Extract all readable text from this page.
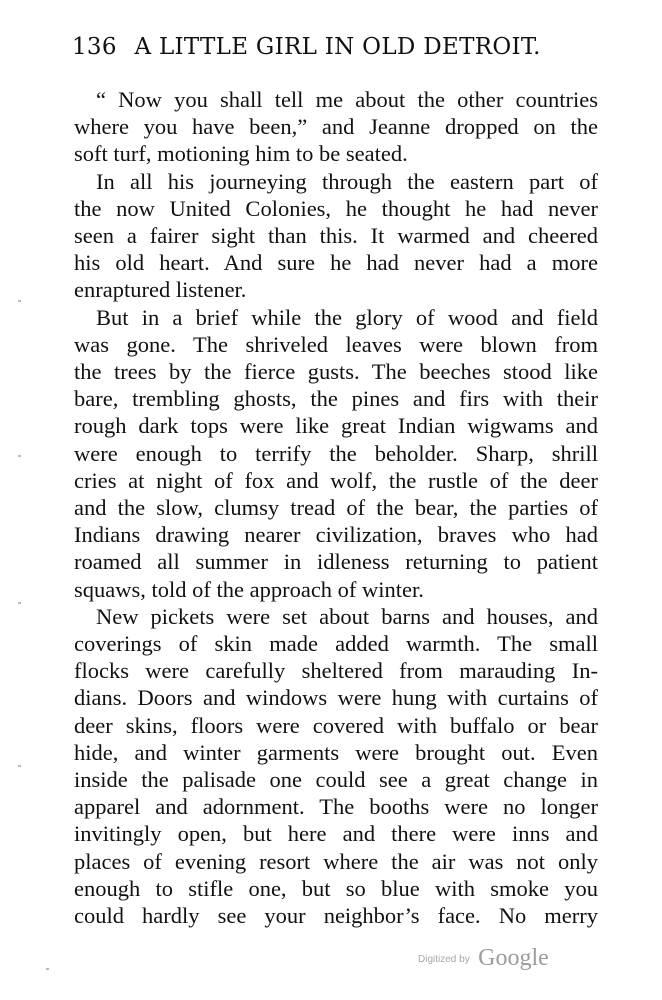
136 A LITTLE GIRL IN OLD DETROIT.
“ Now you shall tell me about the other countries
where you have been,” and Jeanne dropped on the
soft turf, motioning him to be seated.
In all his journeying through the eastern part of
the now United Colonies, he thought he had never
seen a fairer sight than this. It warmed and cheered
his old heart. And sure he had never had a more
enraptured listener.
But in a brief while the glory of wood and field
was gone. The shriveled leaves were blown from
the trees by the fierce gusts. The beeches stood like
bare, trembling ghosts, the pines and firs with their
rough dark tops were like great Indian wigwams and
were enough to terrify the beholder. Sharp, shrill
cries at night of fox and wolf, the rustle of the deer
and the slow, clumsy tread of the bear, the parties of
Indians drawing nearer civilization, braves who had
roamed all summer in idleness returning to patient
squaws, told of the approach of winter.
New pickets were set about barns and houses, and
coverings of skin made added warmth. The small
flocks were carefully sheltered from marauding In-
dians. Doors and windows were hung with curtains of
deer skins, floors were covered with buffalo or bear
hide, and winter garments were brought out. Even
inside the palisade one could see a great change in
apparel and adornment. The booths were no longer
invitingly open, but here and there were inns and
places of evening resort where the air was not only
enough to stifle one, but so blue with smoke you
could hardly see your neighbor’s face. No merry
Digitized by Google
